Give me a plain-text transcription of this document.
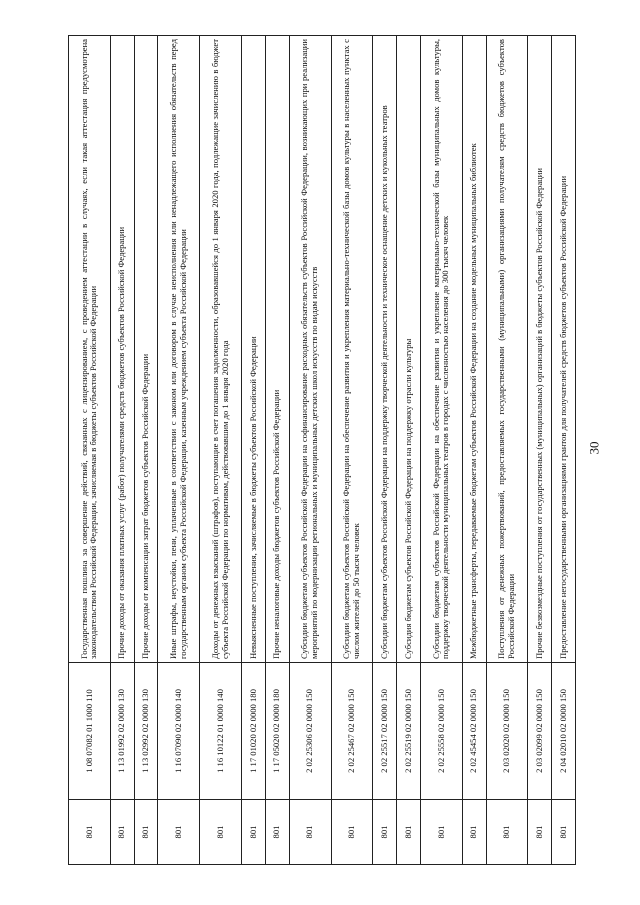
30
801	1 08 07082 01 1000 110	Государственная пошлина за совершение действий, связанных с лицензированием, с проведением аттестации в случаях, если такая аттестация предусмотрена законодательством Российской Федерации, зачисляемая в бюджеты субъектов Российской Федерации
801	1 13 01992 02 0000 130	Прочие доходы от оказания платных услуг (работ) получателями средств бюджетов субъектов Российской Федерации
801	1 13 02992 02 0000 130	Прочие доходы от компенсации затрат бюджетов субъектов Российской Федерации
801	1 16 07090 02 0000 140	Иные штрафы, неустойки, пени, уплаченные в соответствии с законом или договором в случае неисполнения или ненадлежащего исполнения обязательств перед государственным органом субъекта Российской Федерации, казенным учреждением субъекта Российской Федерации
801	1 16 10122 01 0000 140	Доходы от денежных взысканий (штрафов), поступающие в счет погашения задолженности, образовавшейся до 1 января 2020 года, подлежащие зачислению в бюджет субъекта Российской Федерации по нормативам, действовавшим до 1 января 2020 года
801	1 17 01020 02 0000 180	Невыясненные поступления, зачисляемые в бюджеты субъектов Российской Федерации
801	1 17 05020 02 0000 180	Прочие неналоговые доходы бюджетов субъектов Российской Федерации
801	2 02 25306 02 0000 150	Субсидии бюджетам субъектов Российской Федерации на софинансирование расходных обязательств субъектов Российской Федерации, возникающих при реализации мероприятий по модернизации региональных и муниципальных детских школ искусств по видам искусств
801	2 02 25467 02 0000 150	Субсидии бюджетам субъектов Российской Федерации на обеспечение развития и укрепления материально-технической базы домов культуры в населенных пунктах с числом жителей до 50 тысяч человек
801	2 02 25517 02 0000 150	Субсидии бюджетам субъектов Российской Федерации на поддержку творческой деятельности и техническое оснащение детских и кукольных театров
801	2 02 25519 02 0000 150	Субсидия бюджетам субъектов Российской Федерации на поддержку отрасли культуры
801	2 02 25558 02 0000 150	Субсидии бюджетам субъектов Российской Федерации на обеспечение развития и укрепление материально-технической базы муниципальных домов культуры, поддержку творческой деятельности муниципальных театров в городах с численностью населения до 300 тысяч человек
801	2 02 45454 02 0000 150	Межбюджетные трансферты, передаваемые бюджетам субъектов Российской Федерации на создание модельных муниципальных библиотек
801	2 03 02020 02 0000 150	Поступления от денежных пожертвований, предоставляемых государственными (муниципальными) организациями получателям средств бюджетов субъектов Российской Федерации
801	2 03 02099 02 0000 150	Прочие безвозмездные поступления от государственных (муниципальных) организаций в бюджеты субъектов Российской Федерации
801	2 04 02010 02 0000 150	Предоставление негосударственными организациями грантов для получателей средств бюджетов субъектов Российской Федерации
